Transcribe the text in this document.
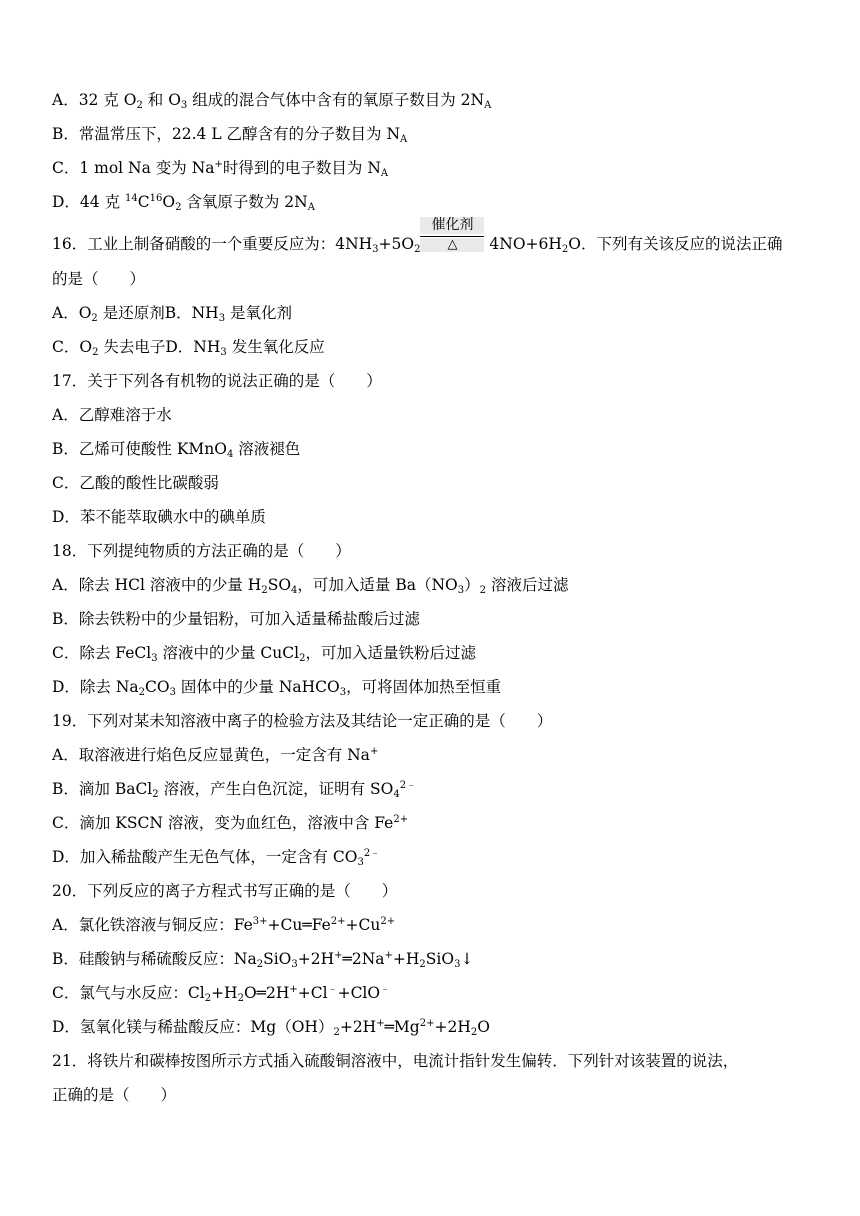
A．32 克 $O_2$ 和 $O_3$ 组成的混合气体中含有的氧原子数目为 $2N_A$
B．常温常压下，22.4 L 乙醇含有的分子数目为 $N_A$
C．1 mol Na 变为 Na+时得到的电子数目为 $N_A$
D．44 克 $^{14}C^{16}O_2$ 含氧原子数为 $2N_A$
16．工业上制备硝酸的一个重要反应为：$4NH_3+5O_2$
催化剂
△	$4NO+6H_2O$．下列有关该反应的说法正确
的是（　　）
A．$O_2$ 是还原剂B．$NH_3$ 是氧化剂
C．$O_2$ 失去电子D．$NH_3$ 发生氧化反应
17．关于下列各有机物的说法正确的是（　　）
A．乙醇难溶于水
B．乙烯可使酸性 KMnO$_4$ 溶液褪色
C．乙酸的酸性比碳酸弱
D．苯不能萃取碘水中的碘单质
18．下列提纯物质的方法正确的是（　　）
A．除去 HCl 溶液中的少量 $H_2SO_4$，可加入适量 $Ba(NO_3)_2$ 溶液后过滤
B．除去铁粉中的少量铝粉，可加入适量稀盐酸后过滤
C．除去 FeCl$_3$ 溶液中的少量 CuCl$_2$，可加入适量铁粉后过滤
D．除去 $Na_2CO_3$ 固体中的少量 NaHCO$_3$，可将固体加热至恒重
19．下列对某未知溶液中离子的检验方法及其结论一定正确的是（　　）
A．取溶液进行焰色反应显黄色，一定含有 Na+
B．滴加 BaCl$_2$ 溶液，产生白色沉淀，证明有 $SO_4^{2﹣}$
C．滴加 KSCN 溶液，变为血红色，溶液中含 $Fe^{2+}$
D．加入稀盐酸产生无色气体，一定含有 $CO_3^{2﹣}$
20．下列反应的离子方程式书写正确的是（　　）
A．氯化铁溶液与铜反应：$Fe^{3+}+Cu═Fe^{2+}+Cu^{2+}$
B．硅酸钠与稀硫酸反应：$Na_2SiO_3+2H^+═2Na^++H_2SiO_3↓$
C．氯气与水反应：$Cl_2+H_2O═2H^++Cl^﹣+ClO^﹣$
D．氢氧化镁与稀盐酸反应：$Mg(OH)_2+2H^+═Mg^{2+}+2H_2O$
21．将铁片和碳棒按图所示方式插入硫酸铜溶液中，电流计指针发生偏转．下列针对该装置的说法，
正确的是（　　）
